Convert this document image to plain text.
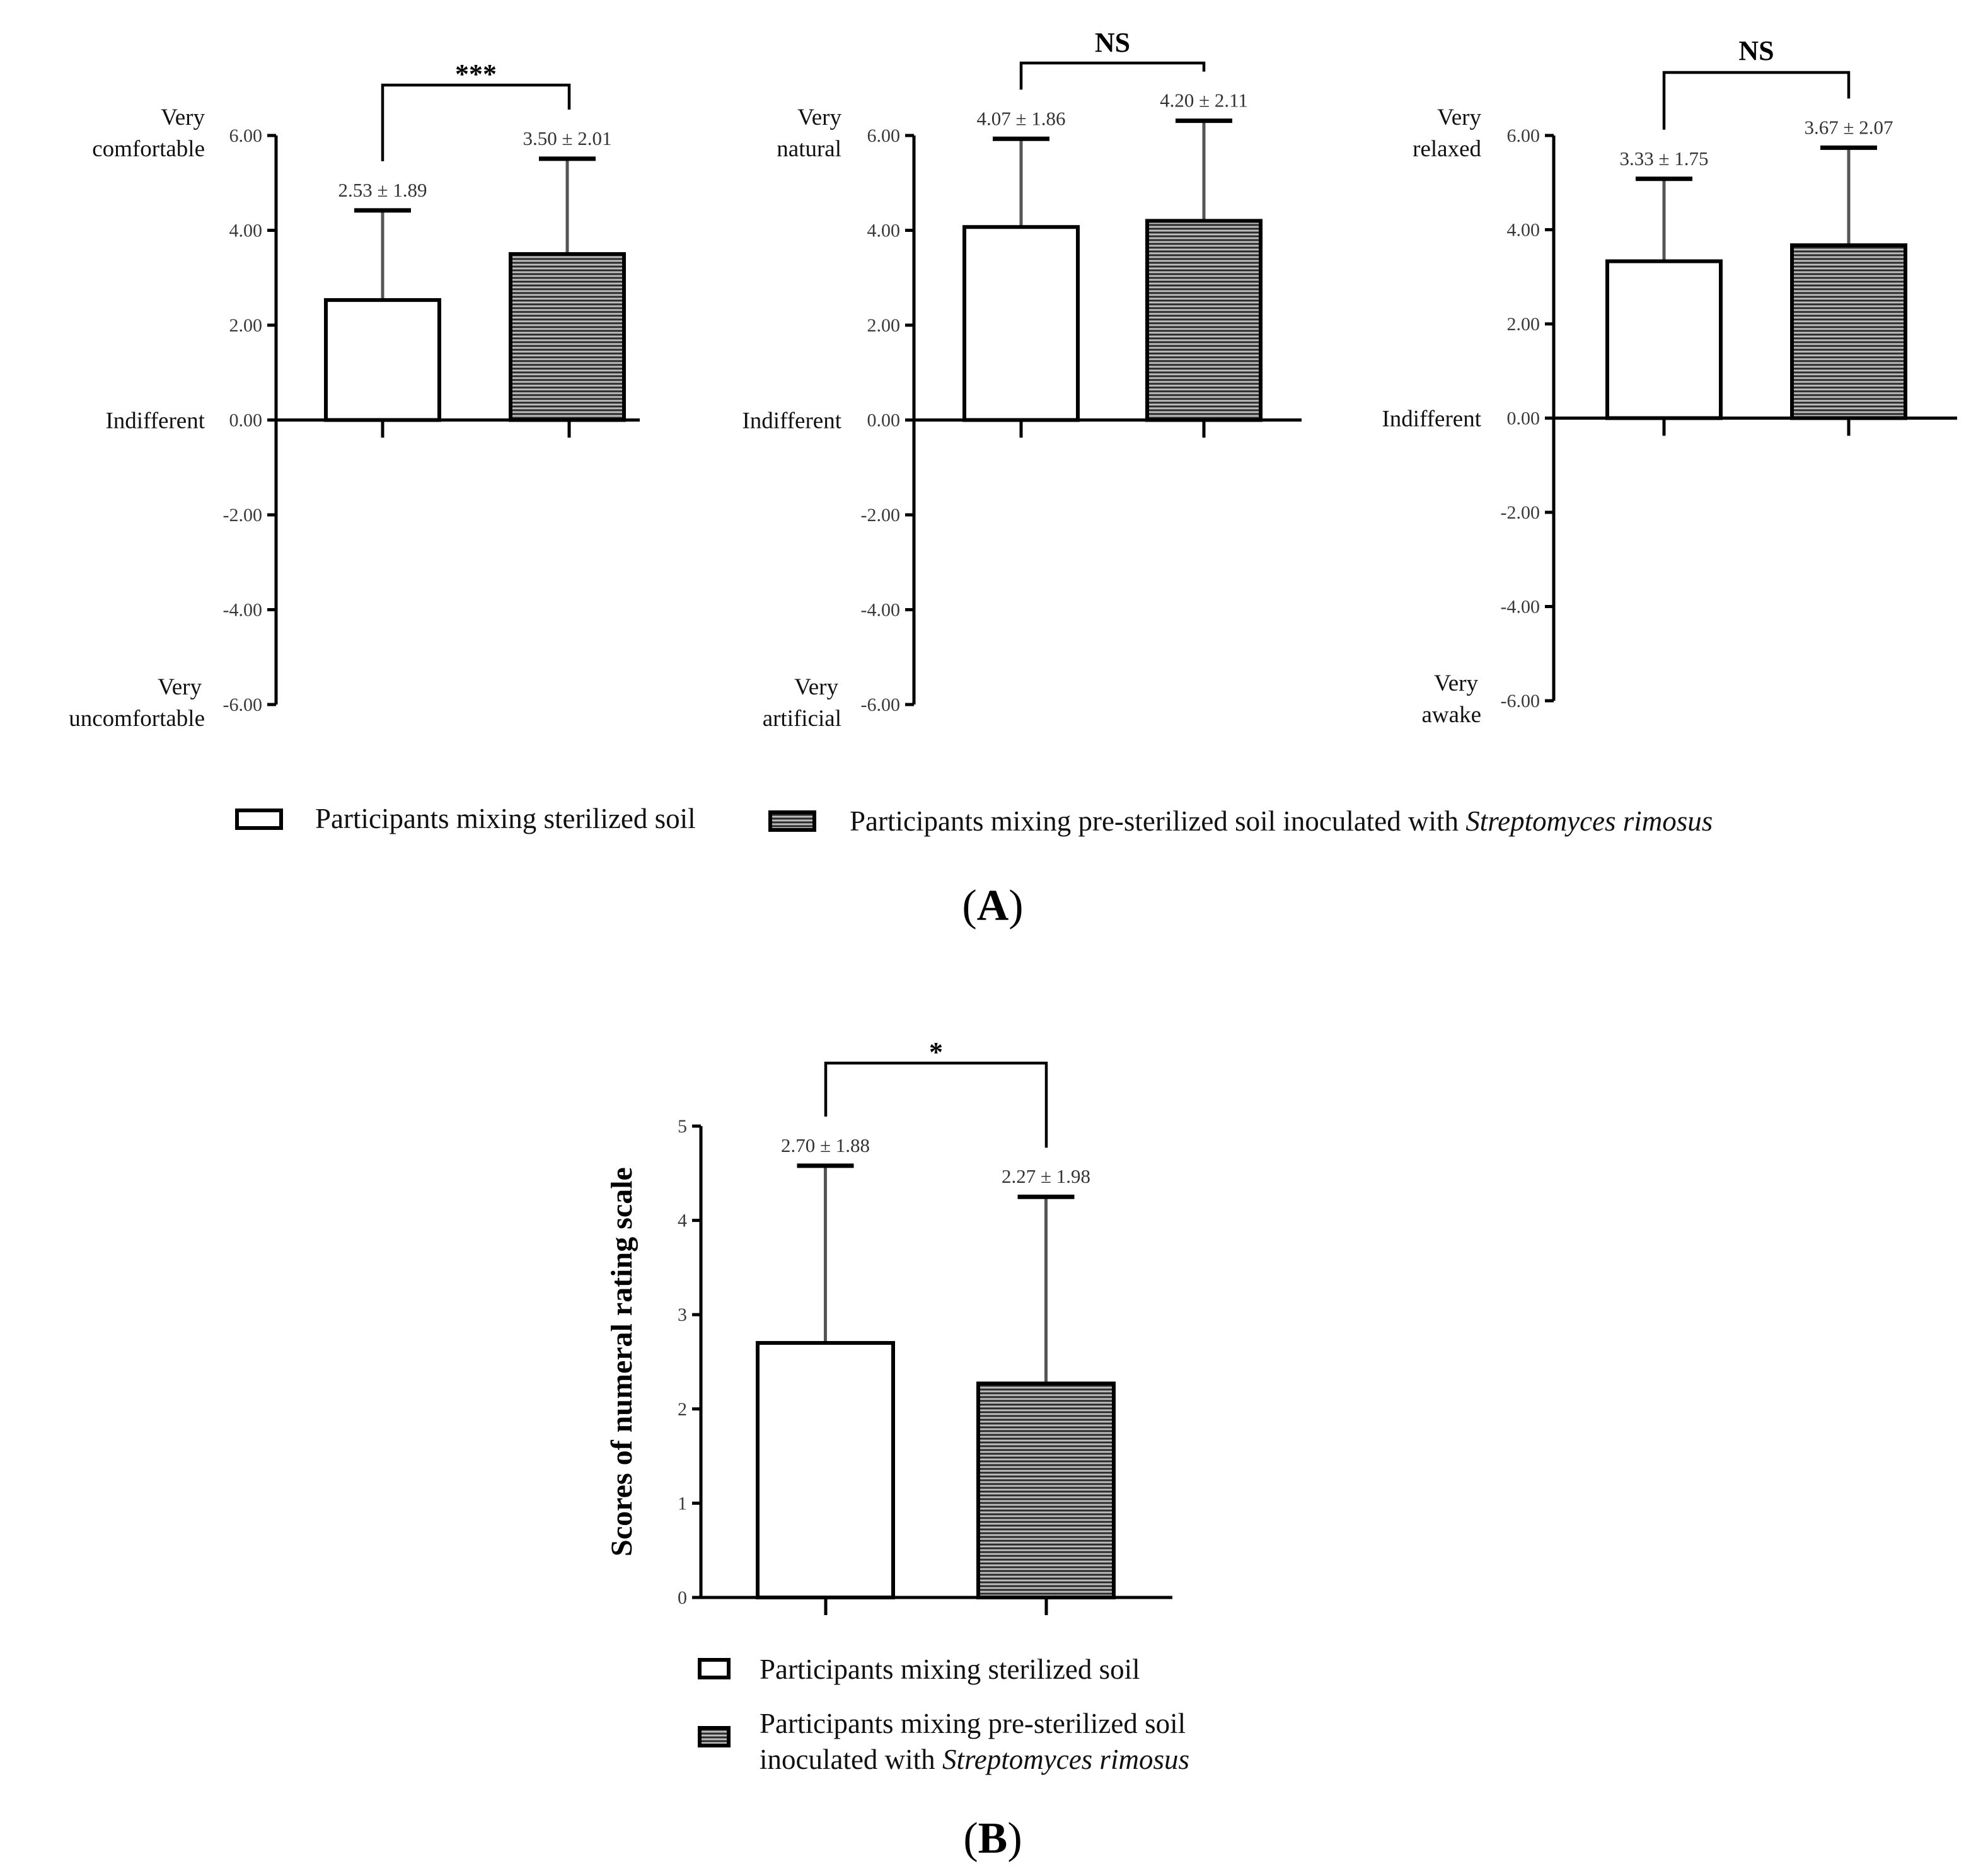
6.00
4.00
2.00
0.00
-2.00
-4.00
-6.00
Very
comfortable
Indifferent
Very
uncomfortable
2.53 ± 1.89
3.50 ± 2.01
***
6.00
4.00
2.00
0.00
-2.00
-4.00
-6.00
Very
natural
Indifferent
Very
artificial
4.07 ± 1.86
4.20 ± 2.11
NS
6.00
4.00
2.00
0.00
-2.00
-4.00
-6.00
Very
relaxed
Indifferent
Very
awake
3.33 ± 1.75
3.67 ± 2.07
NS
5
4
3
2
1
0
Scores of numeral rating scale
2.70 ± 1.88
2.27 ± 1.98
*
Participants mixing sterilized soil	Participants mixing pre-sterilized soil inoculated with Streptomyces rimosus
(A)
Participants mixing sterilized soil
Participants mixing pre-sterilized soil
inoculated with Streptomyces rimosus
(B)
